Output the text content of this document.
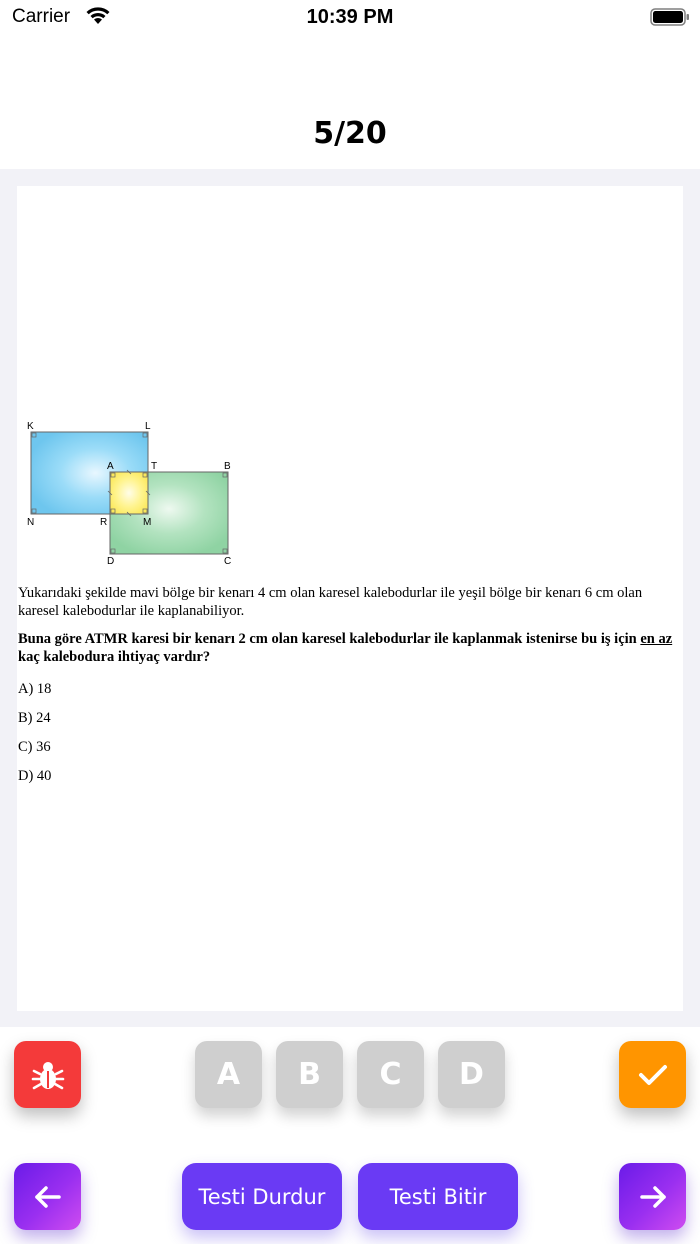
Carrier	10:39 PM
5/20
K	L
A	T	B
N	R	M
D	C
Yukarıdaki şekilde mavi bölge bir kenarı 4 cm olan karesel kalebodurlar ile yeşil bölge bir kenarı 6 cm olan karesel kalebodurlar ile kaplanabiliyor.
Buna göre ATMR karesi bir kenarı 2 cm olan karesel kalebodurlar ile kaplanmak istenirse bu iş için en az kaç kalebodura ihtiyaç vardır?
A) 18
B) 24
C) 36
D) 40
A	B	C	D
Testi Durdur	Testi Bitir
